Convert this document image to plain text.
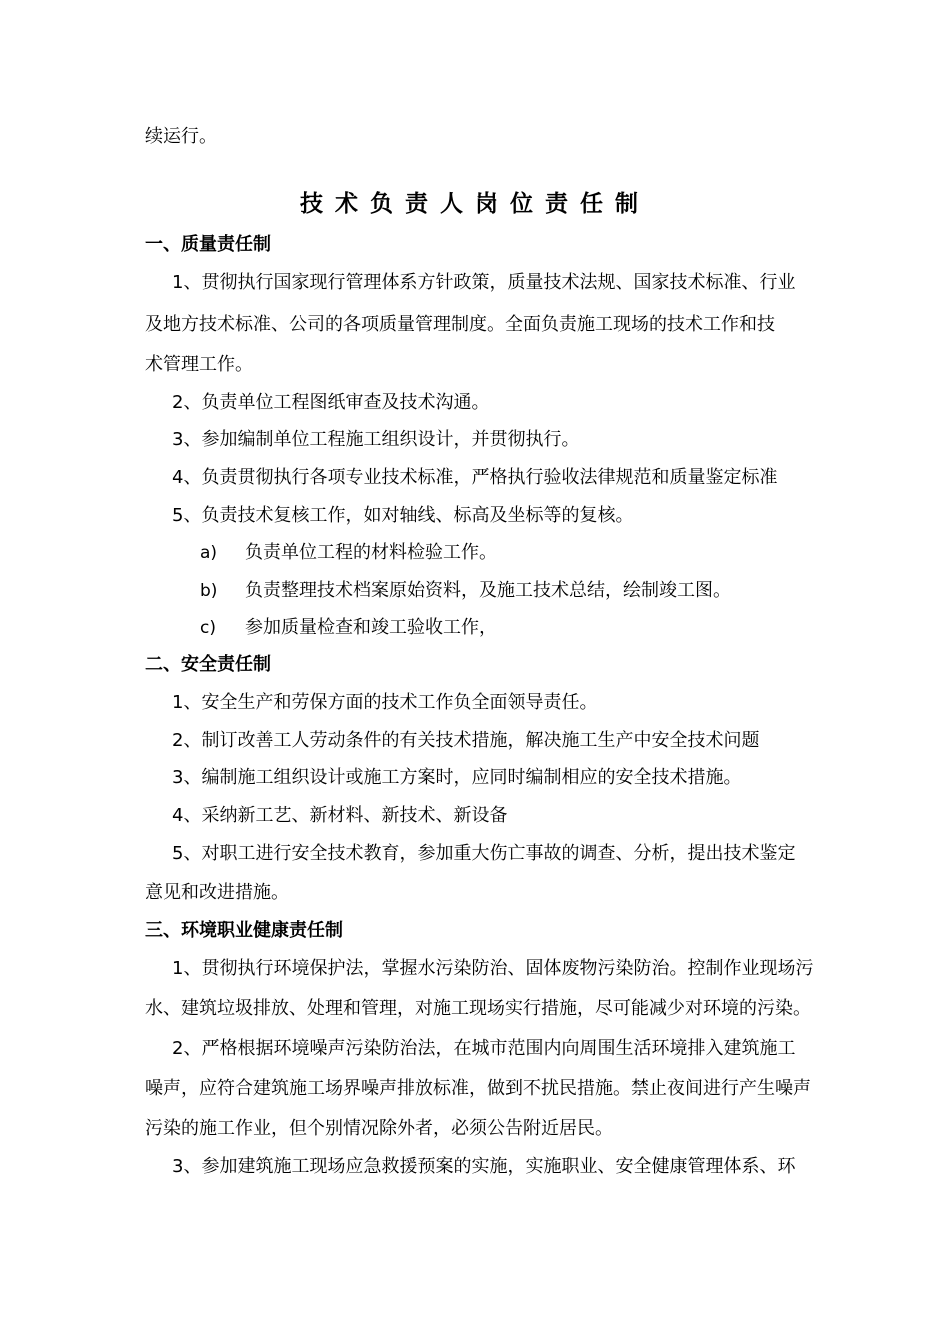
续运行。
技术负责人岗位责任制
一、质量责任制
1、贯彻执行国家现行管理体系方针政策，质量技术法规、国家技术标准、行业
及地方技术标准、公司的各项质量管理制度。全面负责施工现场的技术工作和技
术管理工作。
2、负责单位工程图纸审查及技术沟通。
3、参加编制单位工程施工组织设计，并贯彻执行。
4、负责贯彻执行各项专业技术标准，严格执行验收法律规范和质量鉴定标准
5、负责技术复核工作，如对轴线、标高及坐标等的复核。
a) 负责单位工程的材料检验工作。
b) 负责整理技术档案原始资料，及施工技术总结，绘制竣工图。
c) 参加质量检查和竣工验收工作，
二、安全责任制
1、安全生产和劳保方面的技术工作负全面领导责任。
2、制订改善工人劳动条件的有关技术措施，解决施工生产中安全技术问题
3、编制施工组织设计或施工方案时，应同时编制相应的安全技术措施。
4、采纳新工艺、新材料、新技术、新设备
5、对职工进行安全技术教育，参加重大伤亡事故的调查、分析，提出技术鉴定
意见和改进措施。
三、环境职业健康责任制
1、贯彻执行环境保护法，掌握水污染防治、固体废物污染防治。控制作业现场污
水、建筑垃圾排放、处理和管理，对施工现场实行措施，尽可能减少对环境的污染。
2、严格根据环境噪声污染防治法，在城市范围内向周围生活环境排入建筑施工
噪声，应符合建筑施工场界噪声排放标准，做到不扰民措施。禁止夜间进行产生噪声
污染的施工作业，但个别情况除外者，必须公告附近居民。
3、参加建筑施工现场应急救援预案的实施，实施职业、安全健康管理体系、环
